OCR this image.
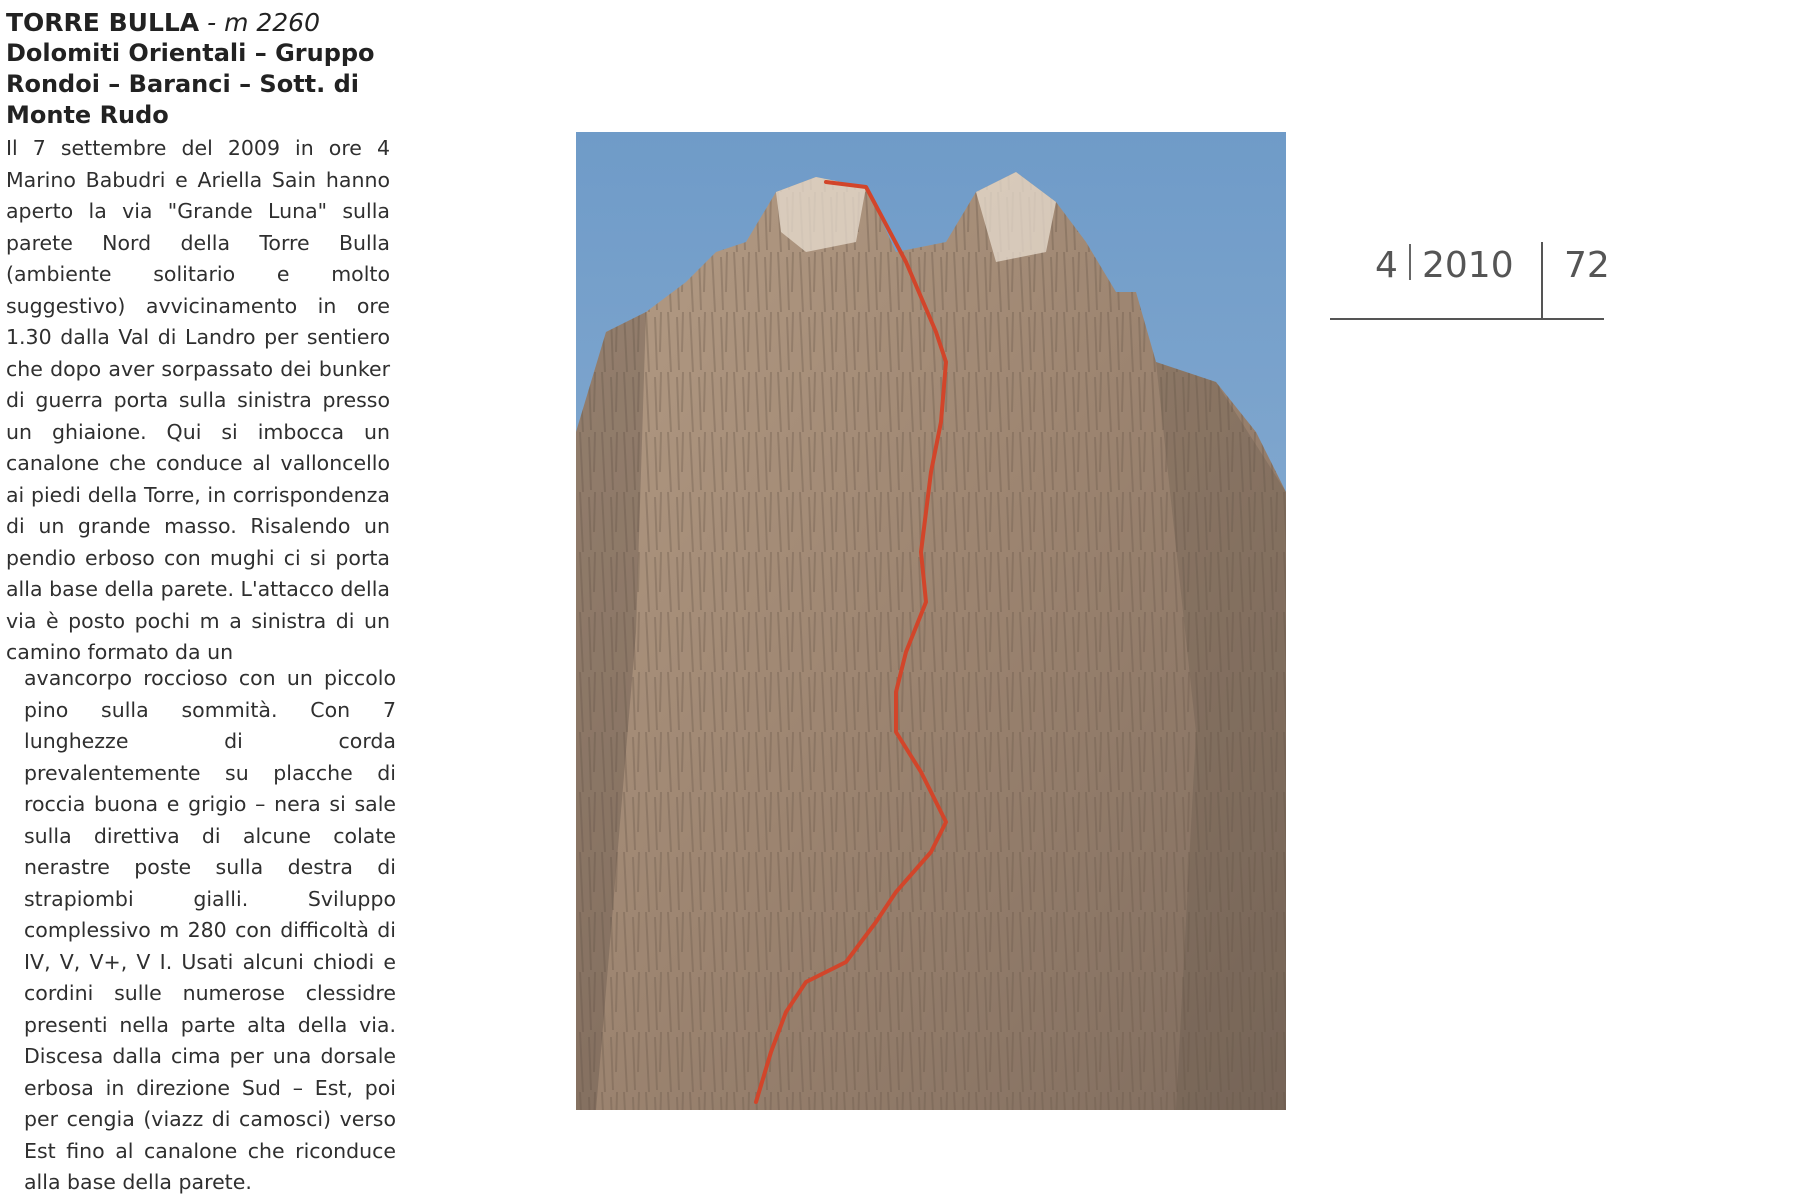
TORRE BULLA - m 2260

Dolomiti Orientali – Gruppo

Rondoi – Baranci – Sott. di

Monte Rudo

Il 7 settembre del 2009 in ore 4 Marino Babudri e Ariella Sain hanno aperto la via "Grande Luna" sulla parete Nord della Torre Bulla (ambiente solitario e molto suggestivo) avvicinamento in ore 1.30 dalla Val di Landro per sentiero che dopo aver sorpassato dei bunker di guerra porta sulla sinistra presso un ghiaione. Qui si imbocca un canalone che conduce al valloncello ai piedi della Torre, in corrispondenza di un grande masso. Risalendo un pendio erboso con mughi ci si porta alla base della parete. L'attacco della via è posto pochi m a sinistra di un camino formato da un

avancorpo roccioso con un piccolo pino sulla sommità. Con 7 lunghezze di corda prevalentemente su placche di roccia buona e grigio – nera si sale sulla direttiva di alcune colate nerastre poste sulla destra di strapiombi gialli. Sviluppo complessivo m 280 con difficoltà di IV, V, V+, V I. Usati alcuni chiodi e cordini sulle numerose clessidre presenti nella parte alta della via. Discesa dalla cima per una dorsale erbosa in direzione Sud – Est, poi per cengia (viazz di camosci) verso Est fino al canalone che riconduce alla base della parete.

4 2010 72
